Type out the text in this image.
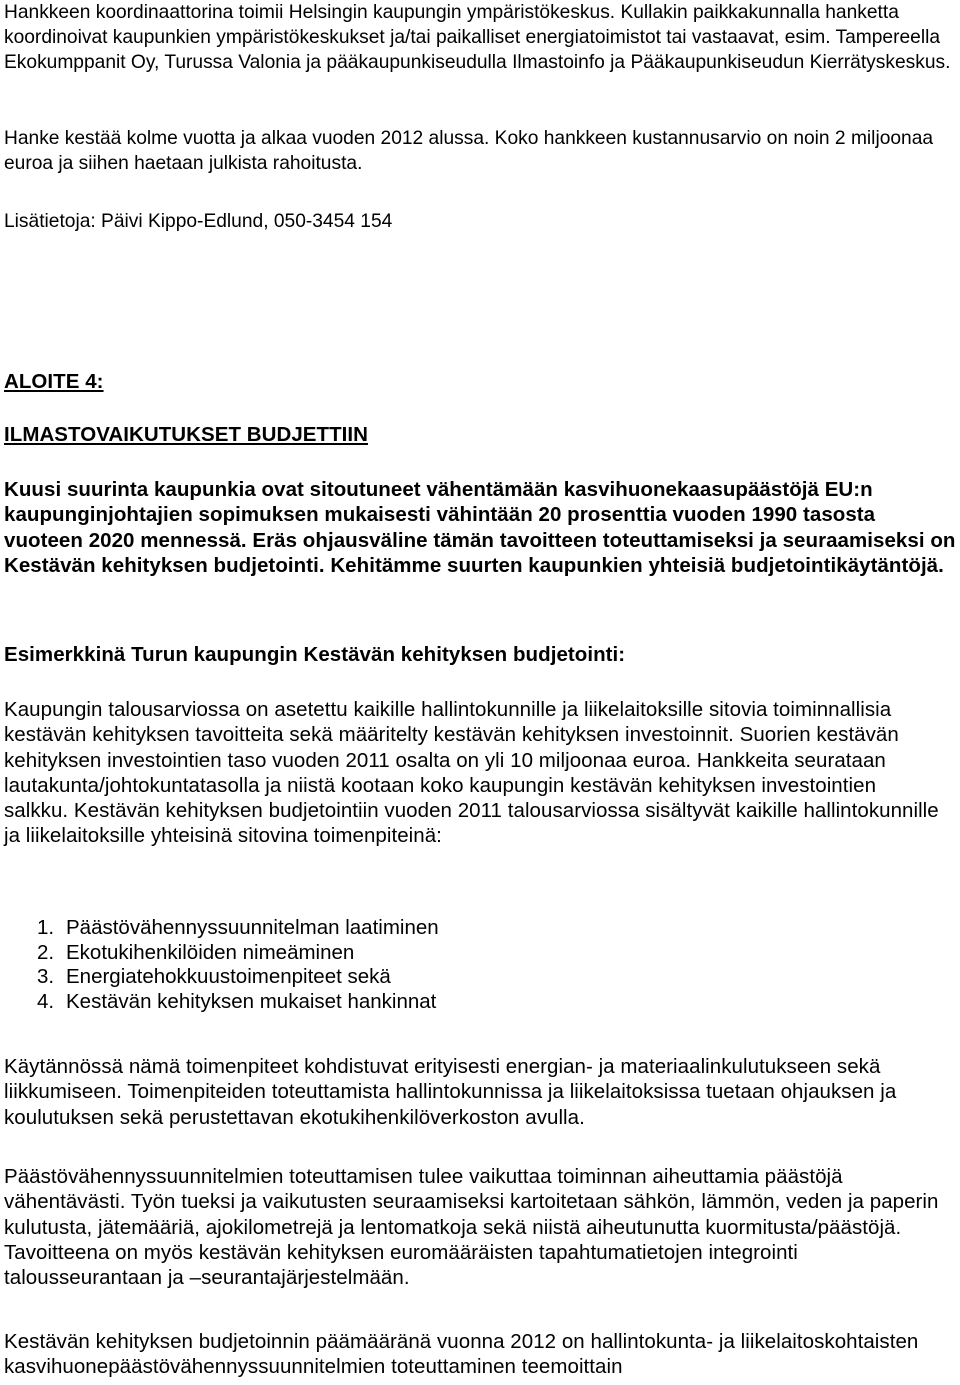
Hankkeen koordinaattorina toimii Helsingin kaupungin ympäristökeskus. Kullakin paikkakunnalla hanketta koordinoivat kaupunkien ympäristökeskukset ja/tai paikalliset energiatoimistot tai vastaavat, esim. Tampereella Ekokumppanit Oy, Turussa Valonia ja pääkaupunkiseudulla Ilmastoinfo ja Pääkaupunkiseudun Kierrätyskeskus.

Hanke kestää kolme vuotta ja alkaa vuoden 2012 alussa. Koko hankkeen kustannusarvio on noin 2 miljoonaa euroa ja siihen haetaan julkista rahoitusta.

Lisätietoja: Päivi Kippo-Edlund, 050-3454 154

ALOITE 4:

ILMASTOVAIKUTUKSET BUDJETTIIN

Kuusi suurinta kaupunkia ovat sitoutuneet vähentämään kasvihuonekaasupäästöjä EU:n kaupunginjohtajien sopimuksen mukaisesti vähintään 20 prosenttia vuoden 1990 tasosta vuoteen 2020 mennessä. Eräs ohjausväline tämän tavoitteen toteuttamiseksi ja seuraamiseksi on Kestävän kehityksen budjetointi. Kehitämme suurten kaupunkien yhteisiä budjetointikäytäntöjä.

Esimerkkinä Turun kaupungin Kestävän kehityksen budjetointi:

Kaupungin talousarviossa on asetettu kaikille hallintokunnille ja liikelaitoksille sitovia toiminnallisia kestävän kehityksen tavoitteita sekä määritelty kestävän kehityksen investoinnit. Suorien kestävän kehityksen investointien taso vuoden 2011 osalta on yli 10 miljoonaa euroa. Hankkeita seurataan lautakunta/johtokuntatasolla ja niistä kootaan koko kaupungin kestävän kehityksen investointien salkku. Kestävän kehityksen budjetointiin vuoden 2011 talousarviossa sisältyvät kaikille hallintokunnille ja liikelaitoksille yhteisinä sitovina toimenpiteinä:

1. Päästövähennyssuunnitelman laatiminen
2. Ekotukihenkilöiden nimeäminen
3. Energiatehokkuustoimenpiteet sekä
4. Kestävän kehityksen mukaiset hankinnat

Käytännössä nämä toimenpiteet kohdistuvat erityisesti energian- ja materiaalinkulutukseen sekä liikkumiseen. Toimenpiteiden toteuttamista hallintokunnissa ja liikelaitoksissa tuetaan ohjauksen ja koulutuksen sekä perustettavan ekotukihenkilöverkoston avulla.

Päästövähennyssuunnitelmien toteuttamisen tulee vaikuttaa toiminnan aiheuttamia päästöjä vähentävästi. Työn tueksi ja vaikutusten seuraamiseksi kartoitetaan sähkön, lämmön, veden ja paperin kulutusta, jätemääriä, ajokilometrejä ja lentomatkoja sekä niistä aiheutunutta kuormitusta/päästöjä. Tavoitteena on myös kestävän kehityksen euromääräisten tapahtumatietojen integrointi talousseurantaan ja –seurantajärjestelmään.

Kestävän kehityksen budjetoinnin päämääränä vuonna 2012 on hallintokunta- ja liikelaitoskohtaisten kasvihuonepäästövähennyssuunnitelmien toteuttaminen teemoittain
